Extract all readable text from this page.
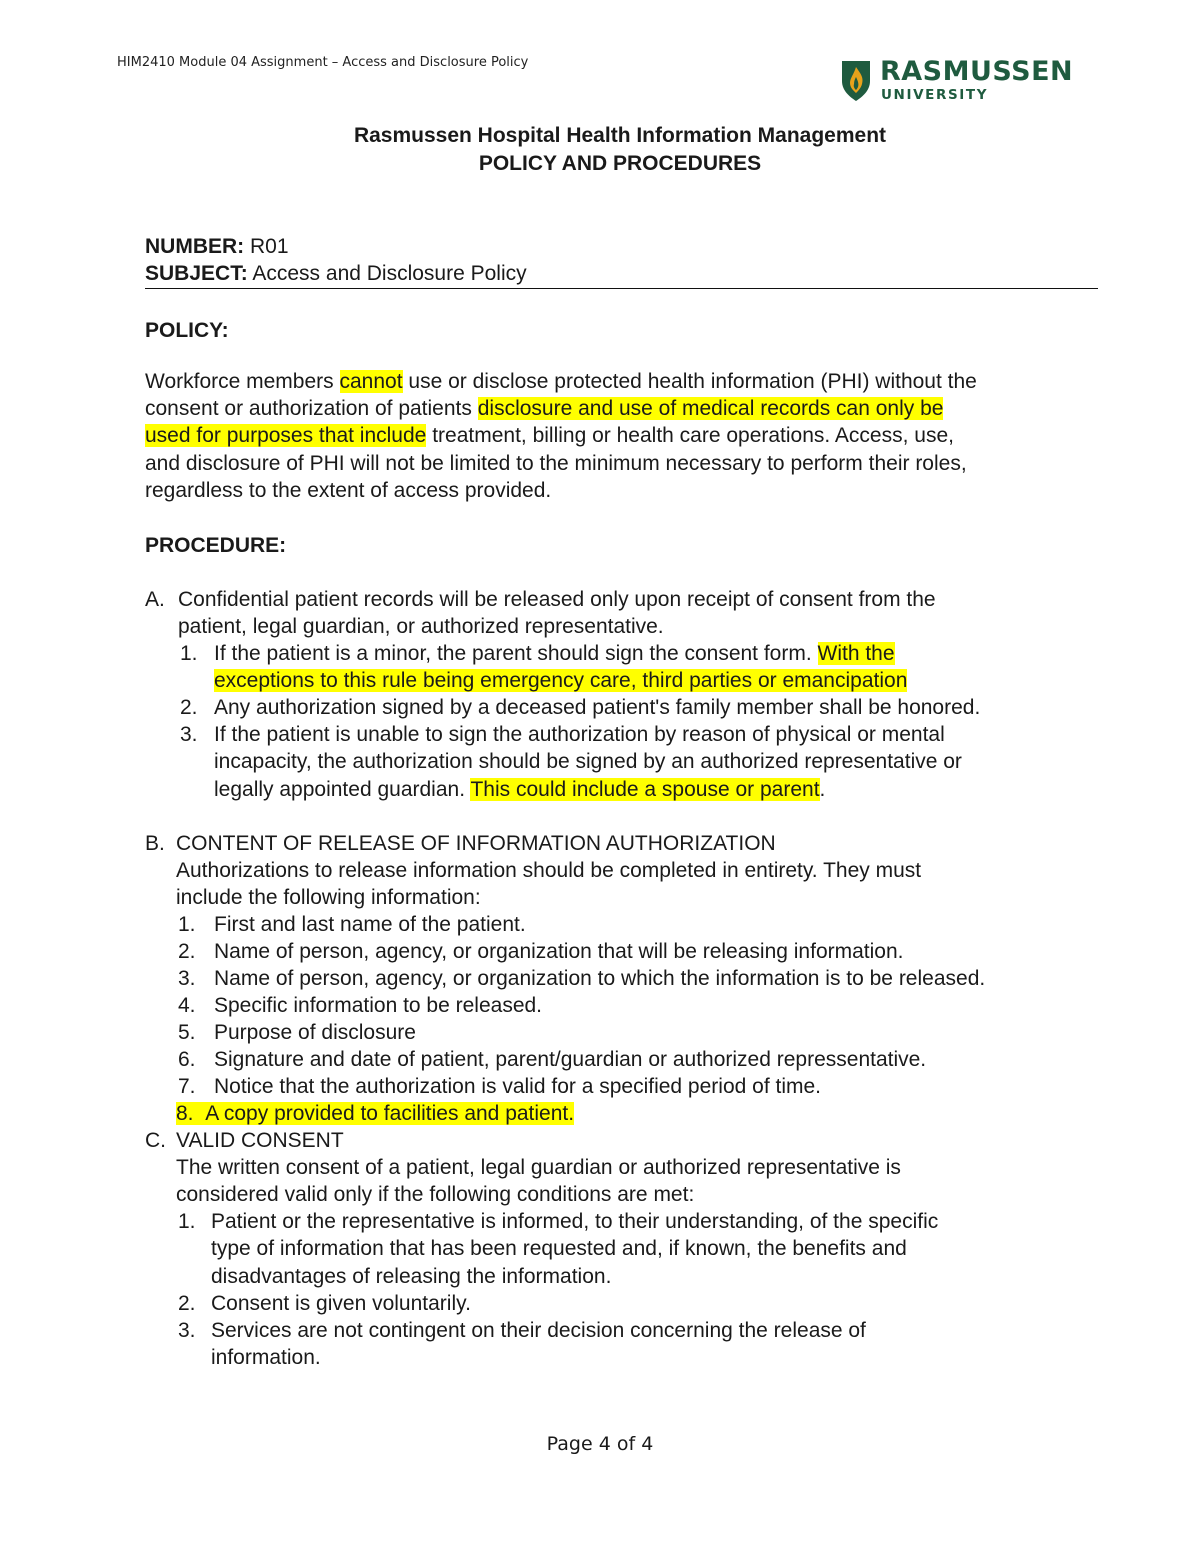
HIM2410 Module 04 Assignment – Access and Disclosure Policy	RASMUSSEN
UNIVERSITY
Rasmussen Hospital Health Information Management
POLICY AND PROCEDURES
NUMBER: R01
SUBJECT: Access and Disclosure Policy
POLICY:
Workforce members cannot use or disclose protected health information (PHI) without the
consent or authorization of patients disclosure and use of medical records can only be
used for purposes that include treatment, billing or health care operations. Access, use,
and disclosure of PHI will not be limited to the minimum necessary to perform their roles,
regardless to the extent of access provided.
PROCEDURE:
A. Confidential patient records will be released only upon receipt of consent from the
patient, legal guardian, or authorized representative.
1. If the patient is a minor, the parent should sign the consent form. With the
exceptions to this rule being emergency care, third parties or emancipation
2. Any authorization signed by a deceased patient's family member shall be honored.
3. If the patient is unable to sign the authorization by reason of physical or mental
incapacity, the authorization should be signed by an authorized representative or
legally appointed guardian. This could include a spouse or parent.
B. CONTENT OF RELEASE OF INFORMATION AUTHORIZATION
Authorizations to release information should be completed in entirety. They must
include the following information:
1. First and last name of the patient.
2. Name of person, agency, or organization that will be releasing information.
3. Name of person, agency, or organization to which the information is to be released.
4. Specific information to be released.
5. Purpose of disclosure
6. Signature and date of patient, parent/guardian or authorized repressentative.
7. Notice that the authorization is valid for a specified period of time.
8. A copy provided to facilities and patient.
C. VALID CONSENT
The written consent of a patient, legal guardian or authorized representative is
considered valid only if the following conditions are met:
1. Patient or the representative is informed, to their understanding, of the specific
type of information that has been requested and, if known, the benefits and
disadvantages of releasing the information.
2. Consent is given voluntarily.
3. Services are not contingent on their decision concerning the release of
information.
Page 4 of 4
